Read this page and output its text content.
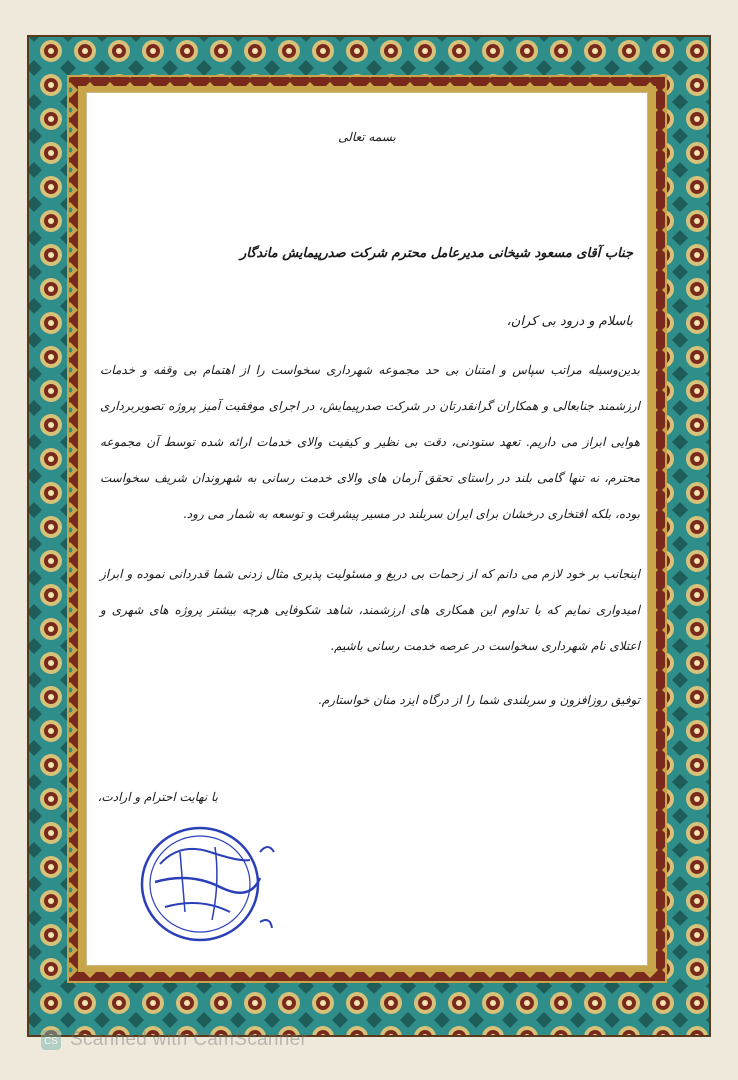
بسمه تعالی
جناب آقای مسعود شیخانی مدیرعامل محترم شرکت صدرپیمایش ماندگار
باسلام و درود بی کران،
بدین‌وسیله مراتب سپاس و امتنان بی حد مجموعه شهرداری سخواست را از اهتمام بی وقفه و خدمات ارزشمند جنابعالی و همکاران گرانقدرتان در شرکت صدرپیمایش، در اجرای موفقیت آمیز پروژه تصویربرداری هوایی ابراز می داریم. تعهد ستودنی، دقت بی نظیر و کیفیت والای خدمات ارائه شده توسط آن مجموعه محترم، نه تنها گامی بلند در راستای تحقق آرمان های والای خدمت رسانی به شهروندان شریف سخواست بوده، بلکه افتخاری درخشان برای ایران سربلند در مسیر پیشرفت و توسعه به شمار می رود.
اینجانب بر خود لازم می دانم که از زحمات بی دریغ و مسئولیت پذیری مثال زدنی شما قدردانی نموده و ابراز امیدواری نمایم که با تداوم این همکاری های ارزشمند، شاهد شکوفایی هرچه بیشتر پروژه های شهری و اعتلای نام شهرداری سخواست در عرصه خدمت رسانی باشیم.
توفیق روزافزون و سربلندی شما را از درگاه ایزد منان خواستارم.
با نهایت احترام و ارادت،
CS Scanned with CamScanner
